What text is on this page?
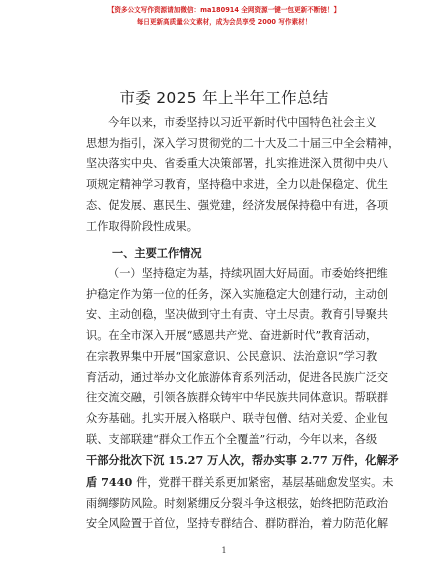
【资多公文写作资源请加微信：ma180914 全网资源一键一包更新不断链！】
每日更新高质量公文素材，成为会员享受 2000 写作素材！
市委 2025 年上半年工作总结
今年以来，市委坚持以习近平新时代中国特色社会主义
思想为指引，深入学习贯彻党的二十大及二十届三中全会精神，
坚决落实中央、省委重大决策部署，扎实推进深入贯彻中央八
项规定精神学习教育，坚持稳中求进，全力以赴保稳定、优生
态、促发展、惠民生、强党建，经济发展保持稳中有进，各项
工作取得阶段性成果。
一、主要工作情况
（一）坚持稳定为基，持续巩固大好局面。市委始终把维
护稳定作为第一位的任务，深入实施稳定大创建行动，主动创
安、主动创稳，坚决做到守土有责、守土尽责。教育引导聚共
识。在全市深入开展“感恩共产党、奋进新时代”教育活动，
在宗教界集中开展“国家意识、公民意识、法治意识”学习教
育活动，通过举办文化旅游体育系列活动，促进各民族广泛交
往交流交融，引领各族群众铸牢中华民族共同体意识。帮联群
众夯基础。扎实开展入格联户、联寺包僧、结对关爱、企业包
联、支部联建“群众工作五个全覆盖”行动，今年以来，各级
干部分批次下沉 15.27 万人次，帮办实事 2.77 万件，化解矛
盾 7440 件，党群干群关系更加紧密，基层基础愈发坚实。未
雨绸缪防风险。时刻紧绷反分裂斗争这根弦，始终把防范政治
安全风险置于首位，坚持专群结合、群防群治，着力防范化解
1
